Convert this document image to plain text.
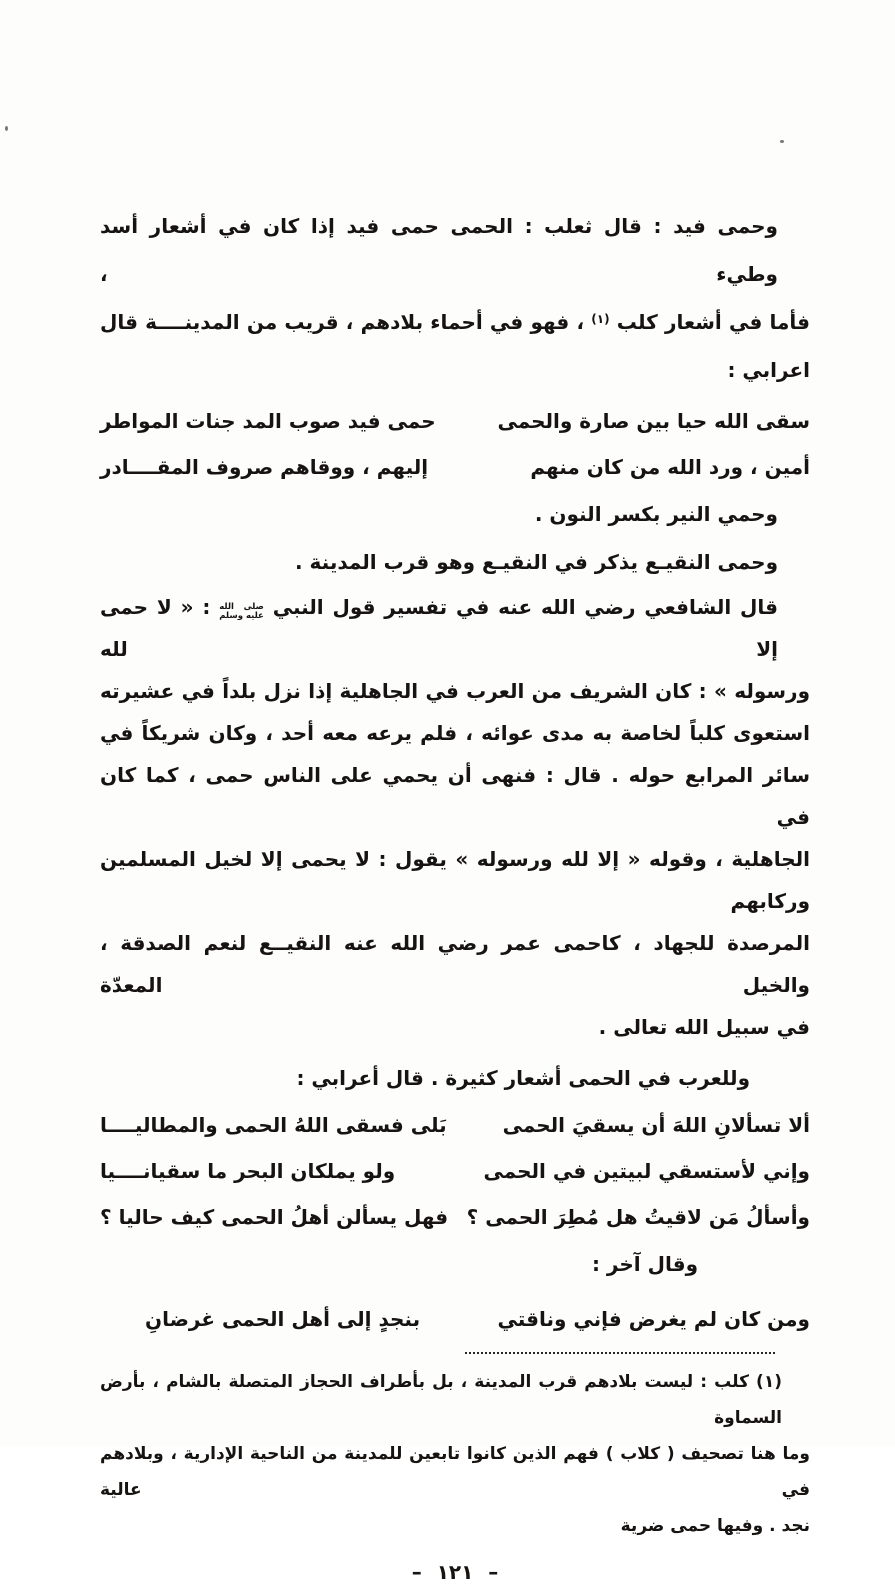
وحمى فيد : قال ثعلب : الحمى حمى فيد إذا كان في أشعار أسد وطيء ،

فأما في أشعار كلب $^{(١)}$ ، فهو في أحماء بلادهم ، قريب من المدينــــة قال

اعرابي :

سقى الله حيا بين صارة والحمى
حمى فيد صوب المد جنات المواطر
أمين ، ورد الله من كان منهم
إليهم ، ووقاهم صروف المقــــادر

وحمي النير بكسر النون .

وحمى النقيـع يذكر في النقيـع وهو قرب المدينة .

قال الشافعي رضي الله عنه في تفسير قول النبي
صلى الله
عليه وسلم
: « لا حمى إلا لله

ورسوله » : كان الشريف من العرب في الجاهلية إذا نزل بلداً في عشيرته

استعوى كلباً لخاصة به مدى عوائه ، فلم يرعه معه أحد ، وكان شريكاً في

سائر المرابع حوله . قال : فنهى أن يحمي على الناس حمى ، كما كان في

الجاهلية ، وقوله « إلا لله ورسوله » يقول : لا يحمى إلا لخيل المسلمين وركابهم

المرصدة للجهاد ، كاحمى عمر رضي الله عنه النقيــع لنعم الصدقة ، والخيل المعدّة

في سبيل الله تعالى .

وللعرب في الحمى أشعار كثيرة . قال أعرابي :

ألا تسألانِ اللهَ أن يسقيَ الحمى
بَلى فسقى اللهُ الحمى والمطاليــــا
وإني لأستسقي لبيتين في الحمى
ولو يملكان البحر ما سقيانــــيا
وأسألُ مَن لاقيتُ هل مُطِرَ الحمى ؟
فهل يسألن أهلُ الحمى كيف حاليا ؟

وقال آخر :

ومن كان لم يغرض فإني وناقتي
بنجدٍ إلى أهل الحمى غرضانِ

(١) كلب : ليست بلادهم قرب المدينة ، بل بأطراف الحجاز المتصلة بالشام ، بأرض السماوة

وما هنا تصحيف ( كلاب ) فهم الذين كانوا تابعين للمدينة من الناحية الإدارية ، وبلادهم في عالية

نجد . وفيها حمى ضرية

– ١٢١ –
